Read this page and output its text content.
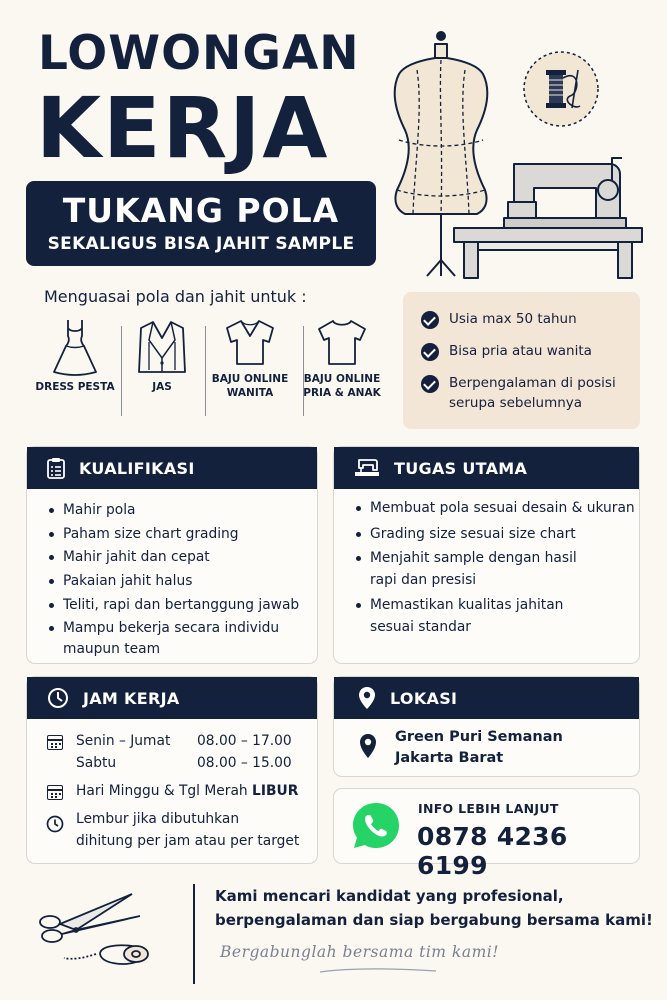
LOWONGAN
KERJA
TUKANG POLA
SEKALIGUS BISA JAHIT SAMPLE
Menguasai pola dan jahit untuk :
DRESS PESTA	JAS
BAJU ONLINE
WANITA
BAJU ONLINE
PRIA & ANAK
Usia max 50 tahun
Bisa pria atau wanita
Berpengalaman di posisi
serupa sebelumnya
KUALIFIKASI
Mahir pola
Paham size chart grading
Mahir jahit dan cepat
Pakaian jahit halus
Teliti, rapi dan bertanggung jawab
Mampu bekerja secara individu maupun team
TUGAS UTAMA
Membuat pola sesuai desain & ukuran
Grading size sesuai size chart
Menjahit sample dengan hasil rapi dan presisi
Memastikan kualitas jahitan sesuai standar
JAM KERJA
Senin – Jumat 08.00 – 17.00
Sabtu	08.00 – 15.00
Hari Minggu & Tgl Merah LIBUR
Lembur jika dibutuhkan
dihitung per jam atau per target
LOKASI
Green Puri Semanan
Jakarta Barat
INFO LEBIH LANJUT
0878 4236 6199
Kami mencari kandidat yang profesional,
berpengalaman dan siap bergabung bersama kami!
Bergabunglah bersama tim kami!
